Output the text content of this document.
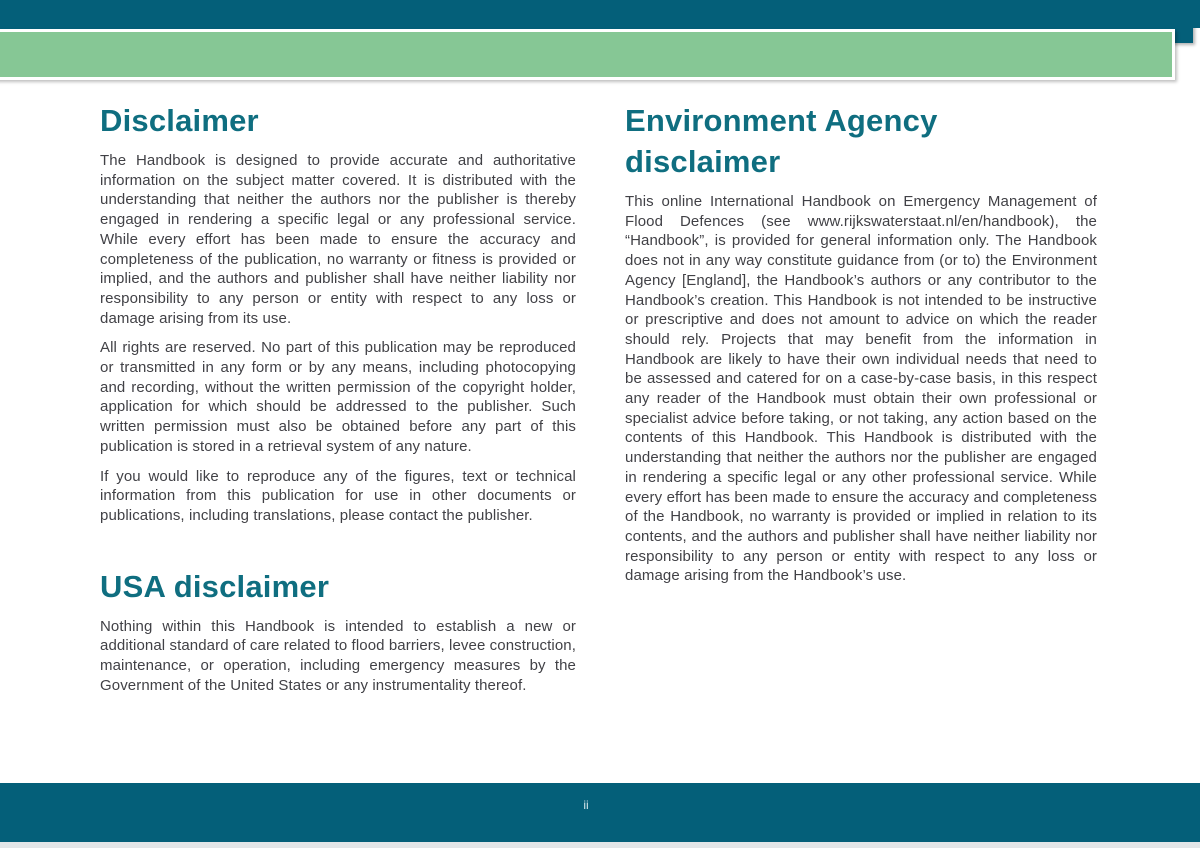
Disclaimer

The Handbook is designed to provide accurate and authoritative information on the subject matter covered. It is distributed with the understanding that neither the authors nor the publisher is thereby engaged in rendering a specific legal or any professional service. While every effort has been made to ensure the accuracy and completeness of the publication, no warranty or fitness is provided or implied, and the authors and publisher shall have neither liability nor responsibility to any person or entity with respect to any loss or damage arising from its use.

All rights are reserved. No part of this publication may be reproduced or transmitted in any form or by any means, including photocopying and recording, without the written permission of the copyright holder, application for which should be addressed to the publisher. Such written permission must also be obtained before any part of this publication is stored in a retrieval system of any nature.

If you would like to reproduce any of the figures, text or technical information from this publication for use in other documents or publications, including translations, please contact the publisher.

USA disclaimer

Nothing within this Handbook is intended to establish a new or additional standard of care related to flood barriers, levee construction, maintenance, or operation, including emergency measures by the Government of the United States or any instrumentality thereof.

Environment Agency disclaimer

This online International Handbook on Emergency Management of Flood Defences (see www.rijkswaterstaat.nl/en/handbook), the “Handbook”, is provided for general information only. The Handbook does not in any way constitute guidance from (or to) the Environment Agency [England], the Handbook’s authors or any contributor to the Handbook’s creation. This Handbook is not intended to be instructive or prescriptive and does not amount to advice on which the reader should rely. Projects that may benefit from the information in Handbook are likely to have their own individual needs that need to be assessed and catered for on a case-by-case basis, in this respect any reader of the Handbook must obtain their own professional or specialist advice before taking, or not taking, any action based on the contents of this Handbook. This Handbook is distributed with the understanding that neither the authors nor the publisher are engaged in rendering a specific legal or any other professional service. While every effort has been made to ensure the accuracy and completeness of the Handbook, no warranty is provided or implied in relation to its contents, and the authors and publisher shall have neither liability nor responsibility to any person or entity with respect to any loss or damage arising from the Handbook’s use.

ii
